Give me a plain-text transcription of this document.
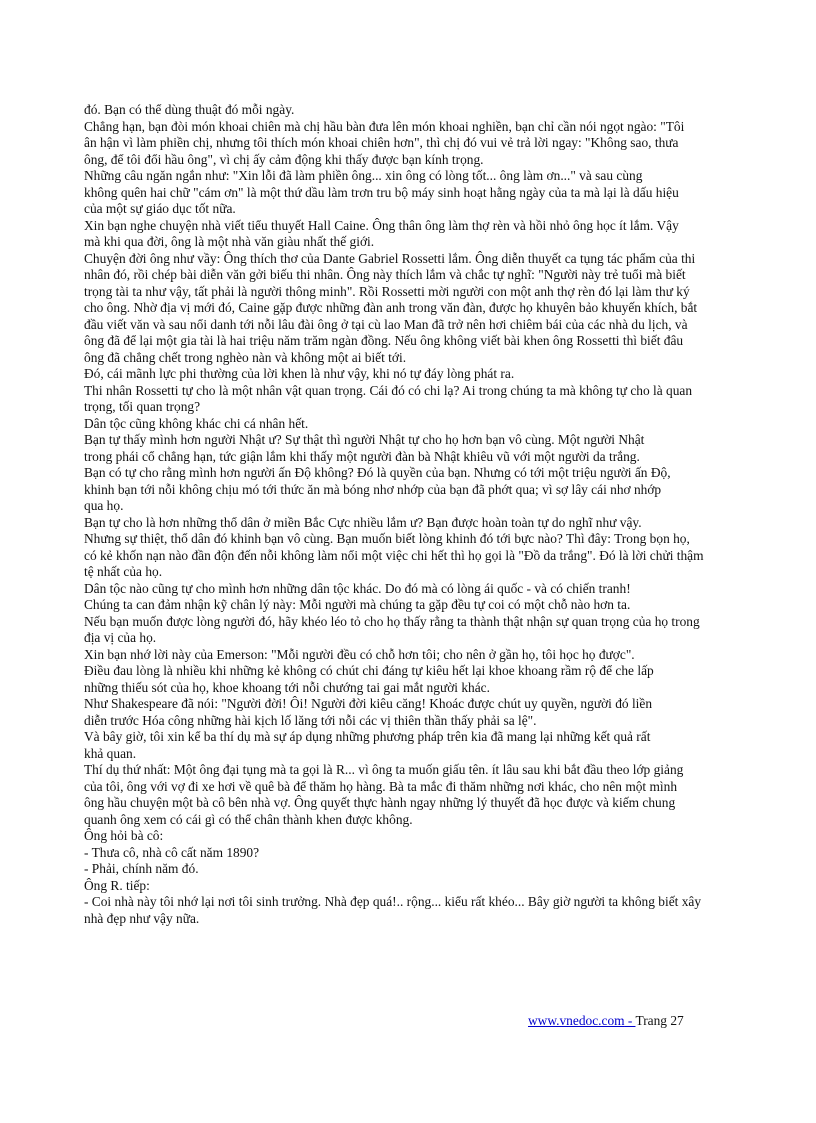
đó. Bạn có thể dùng thuật đó mỗi ngày.
Chẳng hạn, bạn đòi món khoai chiên mà chị hầu bàn đưa lên món khoai nghiền, bạn chỉ cần nói ngọt ngào: "Tôi
ân hận vì làm phiền chị, nhưng tôi thích món khoai chiên hơn", thì chị đó vui vẻ trả lời ngay: "Không sao, thưa
ông, để tôi đổi hầu ông", vì chị ấy cảm động khi thấy được bạn kính trọng.
Những câu ngăn ngắn như: "Xin lỗi đã làm phiền ông... xin ông có lòng tốt... ông làm ơn..." và sau cùng
không quên hai chữ "cám ơn" là một thứ dầu làm trơn tru bộ máy sinh hoạt hằng ngày của ta mà lại là dấu hiệu
của một sự giáo dục tốt nữa.
Xin bạn nghe chuyện nhà viết tiểu thuyết Hall Caine. Ông thân ông làm thợ rèn và hồi nhỏ ông học ít lắm. Vậy
mà khi qua đời, ông là một nhà văn giàu nhất thế giới.
Chuyện đời ông như vầy: Ông thích thơ của Dante Gabriel Rossetti lắm. Ông diễn thuyết ca tụng tác phẩm của thi
nhân đó, rồi chép bài diễn văn gởi biếu thi nhân. Ông này thích lắm và chắc tự nghĩ: "Người này trẻ tuổi mà biết
trọng tài ta như vậy, tất phải là người thông minh". Rồi Rossetti mời người con một anh thợ rèn đó lại làm thư ký
cho ông. Nhờ địa vị mới đó, Caine gặp được những đàn anh trong văn đàn, được họ khuyên bảo khuyến khích, bắt
đầu viết văn và sau nổi danh tới nỗi lâu đài ông ở tại cù lao Man đã trở nên hơi chiêm bái của các nhà du lịch, và
ông đã để lại một gia tài là hai triệu năm trăm ngàn đồng. Nếu ông không viết bài khen ông Rossetti thì biết đâu
ông đã chẳng chết trong nghèo nàn và không một ai biết tới.
Đó, cái mãnh lực phi thường của lời khen là như vậy, khi nó tự đáy lòng phát ra.
Thi nhân Rossetti tự cho là một nhân vật quan trọng. Cái đó có chi lạ? Ai trong chúng ta mà không tự cho là quan
trọng, tối quan trọng?
Dân tộc cũng không khác chi cá nhân hết.
Bạn tự thấy mình hơn người Nhật ư? Sự thật thì người Nhật tự cho họ hơn bạn vô cùng. Một người Nhật
trong phái cổ chẳng hạn, tức giận lắm khi thấy một người đàn bà Nhật khiêu vũ với một người da trắng.
Bạn có tự cho rằng mình hơn người ấn Độ không? Đó là quyền của bạn. Nhưng có tới một triệu người ấn Độ,
khinh bạn tới nỗi không chịu mó tới thức ăn mà bóng nhơ nhớp của bạn đã phớt qua; vì sợ lây cái nhơ nhớp
qua họ.
Bạn tự cho là hơn những thổ dân ở miền Bắc Cực nhiều lắm ư? Bạn được hoàn toàn tự do nghĩ như vậy.
Nhưng sự thiệt, thổ dân đó khinh bạn vô cùng. Bạn muốn biết lòng khinh đó tới bực nào? Thì đây: Trong bọn họ,
có kẻ khốn nạn nào đần độn đến nỗi không làm nổi một việc chi hết thì họ gọi là "Đồ da trắng". Đó là lời chửi thậm
tệ nhất của họ.
Dân tộc nào cũng tự cho mình hơn những dân tộc khác. Do đó mà có lòng ái quốc - và có chiến tranh!
Chúng ta can đảm nhận kỹ chân lý này: Mỗi người mà chúng ta gặp đều tự coi có một chỗ nào hơn ta.
Nếu bạn muốn được lòng người đó, hãy khéo léo tỏ cho họ thấy rằng ta thành thật nhận sự quan trọng của họ trong
địa vị của họ.
Xin bạn nhớ lời này của Emerson: "Mỗi người đều có chỗ hơn tôi; cho nên ở gần họ, tôi học họ được".
Điều đau lòng là nhiều khi những kẻ không có chút chi đáng tự kiêu hết lại khoe khoang rầm rộ để che lấp
những thiếu sót của họ, khoe khoang tới nỗi chướng tai gai mắt người khác.
Như Shakespeare đã nói: "Người đời! Ôi! Người đời kiêu căng! Khoác được chút uy quyền, người đó liền
diễn trước Hóa công những hài kịch lố lăng tới nỗi các vị thiên thần thấy phải sa lệ".
Và bây giờ, tôi xin kể ba thí dụ mà sự áp dụng những phương pháp trên kia đã mang lại những kết quả rất
khả quan.
Thí dụ thứ nhất: Một ông đại tụng mà ta gọi là R... vì ông ta muốn giấu tên. ít lâu sau khi bắt đầu theo lớp giảng
của tôi, ông với vợ đi xe hơi về quê bà để thăm họ hàng. Bà ta mắc đi thăm những nơi khác, cho nên một mình
ông hầu chuyện một bà cô bên nhà vợ. Ông quyết thực hành ngay những lý thuyết đã học được và kiếm chung
quanh ông xem có cái gì có thể chân thành khen được không.
Ông hỏi bà cô:
- Thưa cô, nhà cô cất năm 1890?
- Phải, chính năm đó.
Ông R. tiếp:
- Coi nhà này tôi nhớ lại nơi tôi sinh trưởng. Nhà đẹp quá!.. rộng... kiểu rất khéo... Bây giờ người ta không biết xây
nhà đẹp như vậy nữa.
www.vnedoc.com - Trang 27
